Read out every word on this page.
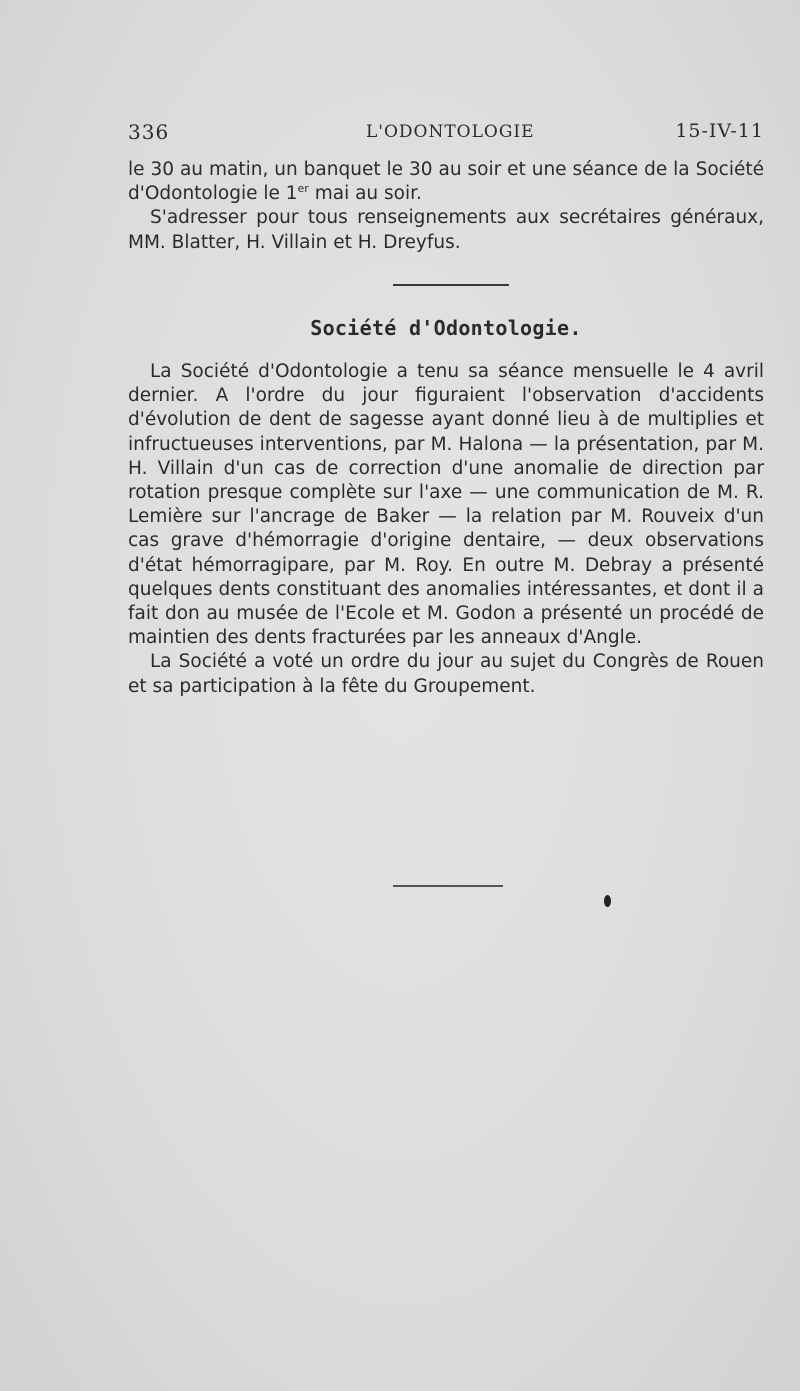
336	L'ODONTOLOGIE	15-IV-11

le 30 au matin, un banquet le 30 au soir et une séance de la Société d'Odontologie le 1er mai au soir.

S'adresser pour tous renseignements aux secrétaires généraux, MM. Blatter, H. Villain et H. Dreyfus.

Société d'Odontologie.

La Société d'Odontologie a tenu sa séance mensuelle le 4 avril dernier. A l'ordre du jour figuraient l'observation d'accidents d'évolution de dent de sagesse ayant donné lieu à de multiplies et infructueuses interventions, par M. Halona — la présentation, par M. H. Villain d'un cas de correction d'une anomalie de direction par rotation presque complète sur l'axe — une communication de M. R. Lemière sur l'ancrage de Baker — la relation par M. Rouveix d'un cas grave d'hémorragie d'origine dentaire, — deux observations d'état hémorragipare, par M. Roy. En outre M. Debray a présenté quelques dents constituant des anomalies intéressantes, et dont il a fait don au musée de l'Ecole et M. Godon a présenté un procédé de maintien des dents fracturées par les anneaux d'Angle.

La Société a voté un ordre du jour au sujet du Congrès de Rouen et sa participation à la fête du Groupement.
